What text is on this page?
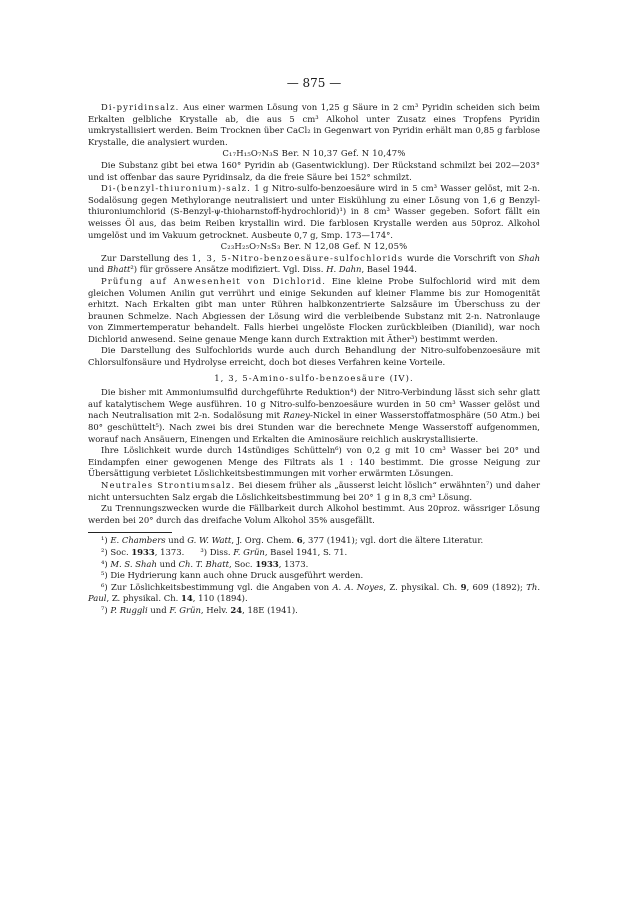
— 875 —

Di-pyridinsalz. Aus einer warmen Lösung von 1,25 g Säure in 2 cm³ Pyridin scheiden sich beim Erkalten gelbliche Krystalle ab, die aus 5 cm³ Alkohol unter Zusatz eines Tropfens Pyridin umkrystallisiert werden. Beim Trocknen über CaCl₂ in Gegenwart von Pyridin erhält man 0,85 g farblose Krystalle, die analysiert wurden.

C₁₇H₁₅O₇N₃S Ber. N 10,37 Gef. N 10,47%

Die Substanz gibt bei etwa 160° Pyridin ab (Gasentwicklung). Der Rückstand schmilzt bei 202—203° und ist offenbar das saure Pyridinsalz, da die freie Säure bei 152° schmilzt.

Di-(benzyl-thiuronium)-salz. 1 g Nitro-sulfo-benzoesäure wird in 5 cm³ Wasser gelöst, mit 2-n. Sodalösung gegen Methylorange neutralisiert und unter Eiskühlung zu einer Lösung von 1,6 g Benzyl-thiuroniumchlorid (S-Benzyl-ψ-thioharnstoff-hydrochlorid)¹) in 8 cm³ Wasser gegeben. Sofort fällt ein weisses Öl aus, das beim Reiben krystallin wird. Die farblosen Krystalle werden aus 50proz. Alkohol umgelöst und im Vakuum getrocknet. Ausbeute 0,7 g, Smp. 173—174°.

C₂₃H₂₅O₇N₅S₃ Ber. N 12,08 Gef. N 12,05%

Zur Darstellung des 1, 3, 5-Nitro-benzoesäure-sulfochlorids wurde die Vorschrift von Shah und Bhatt²) für grössere Ansätze modifiziert. Vgl. Diss. H. Dahn, Basel 1944.

Prüfung auf Anwesenheit von Dichlorid. Eine kleine Probe Sulfochlorid wird mit dem gleichen Volumen Anilin gut verrührt und einige Sekunden auf kleiner Flamme bis zur Homogenität erhitzt. Nach Erkalten gibt man unter Rühren halbkonzentrierte Salzsäure im Überschuss zu der braunen Schmelze. Nach Abgiessen der Lösung wird die verbleibende Substanz mit 2-n. Natronlauge von Zimmertemperatur behandelt. Falls hierbei ungelöste Flocken zurückbleiben (Dianilid), war noch Dichlorid anwesend. Seine genaue Menge kann durch Extraktion mit Äther³) bestimmt werden.

Die Darstellung des Sulfochlorids wurde auch durch Behandlung der Nitro-sulfobenzoesäure mit Chlorsulfonsäure und Hydrolyse erreicht, doch bot dieses Verfahren keine Vorteile.

1, 3, 5-Amino-sulfo-benzoesäure (IV).

Die bisher mit Ammoniumsulfid durchgeführte Reduktion⁴) der Nitro-Verbindung lässt sich sehr glatt auf katalytischem Wege ausführen. 10 g Nitro-sulfo-benzoesäure wurden in 50 cm³ Wasser gelöst und nach Neutralisation mit 2-n. Sodalösung mit Raney-Nickel in einer Wasserstoffatmosphäre (50 Atm.) bei 80° geschüttelt⁵). Nach zwei bis drei Stunden war die berechnete Menge Wasserstoff aufgenommen, worauf nach Ansäuern, Einengen und Erkalten die Aminosäure reichlich auskrystallisierte.

Ihre Löslichkeit wurde durch 14stündiges Schütteln⁶) von 0,2 g mit 10 cm³ Wasser bei 20° und Eindampfen einer gewogenen Menge des Filtrats als 1 : 140 bestimmt. Die grosse Neigung zur Übersättigung verbietet Löslichkeitsbestimmungen mit vorher erwärmten Lösungen.

Neutrales Strontiumsalz. Bei diesem früher als „äusserst leicht löslich“ erwähnten⁷) und daher nicht untersuchten Salz ergab die Löslichkeitsbestimmung bei 20° 1 g in 8,3 cm³ Lösung.

Zu Trennungszwecken wurde die Fällbarkeit durch Alkohol bestimmt. Aus 20proz. wässriger Lösung werden bei 20° durch das dreifache Volum Alkohol 35% ausgefällt.

¹) E. Chambers und G. W. Watt, J. Org. Chem. 6, 377 (1941); vgl. dort die ältere Literatur.

²) Soc. 1933, 1373. ³) Diss. F. Grün, Basel 1941, S. 71.

⁴) M. S. Shah und Ch. T. Bhatt, Soc. 1933, 1373.

⁵) Die Hydrierung kann auch ohne Druck ausgeführt werden.

⁶) Zur Löslichkeitsbestimmung vgl. die Angaben von A. A. Noyes, Z. physikal. Ch. 9, 609 (1892); Th. Paul, Z. physikal. Ch. 14, 110 (1894).

⁷) P. Ruggli und F. Grün, Helv. 24, 18E (1941).
